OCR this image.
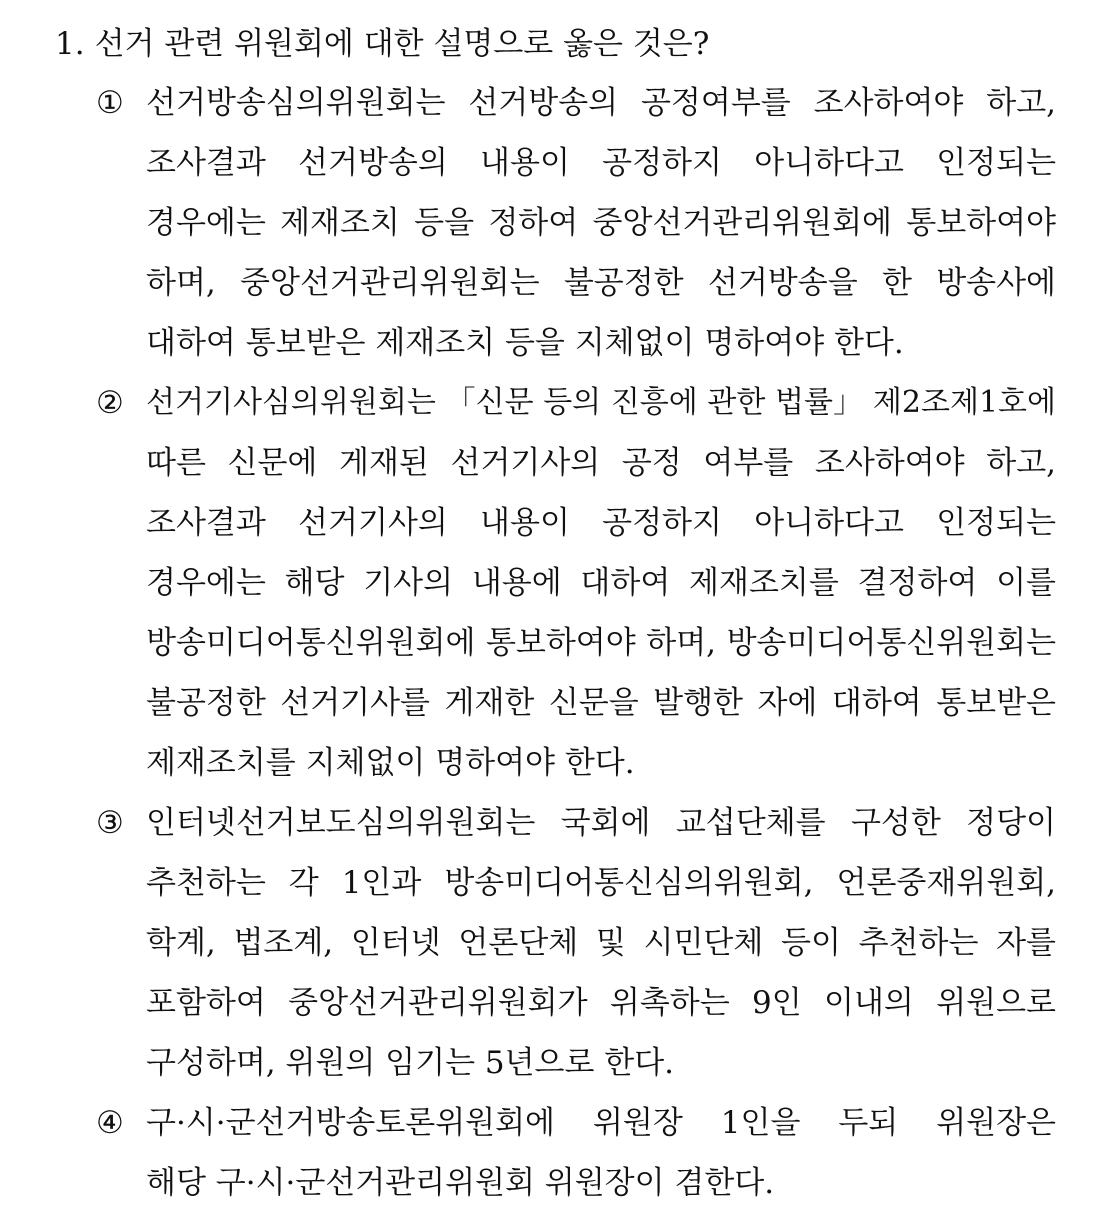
1. 선거 관련 위원회에 대한 설명으로 옳은 것은?
① 선거방송심의위원회는 선거방송의 공정여부를 조사하여야 하고,
조사결과 선거방송의 내용이 공정하지 아니하다고 인정되는
경우에는 제재조치 등을 정하여 중앙선거관리위원회에 통보하여야
하며, 중앙선거관리위원회는 불공정한 선거방송을 한 방송사에
대하여 통보받은 제재조치 등을 지체없이 명하여야 한다.
② 선거기사심의위원회는 「신문 등의 진흥에 관한 법률」 제2조제1호에
따른 신문에 게재된 선거기사의 공정 여부를 조사하여야 하고,
조사결과 선거기사의 내용이 공정하지 아니하다고 인정되는
경우에는 해당 기사의 내용에 대하여 제재조치를 결정하여 이를
방송미디어통신위원회에 통보하여야 하며, 방송미디어통신위원회는
불공정한 선거기사를 게재한 신문을 발행한 자에 대하여 통보받은
제재조치를 지체없이 명하여야 한다.
③ 인터넷선거보도심의위원회는 국회에 교섭단체를 구성한 정당이
추천하는 각 1인과 방송미디어통신심의위원회, 언론중재위원회,
학계, 법조계, 인터넷 언론단체 및 시민단체 등이 추천하는 자를
포함하여 중앙선거관리위원회가 위촉하는 9인 이내의 위원으로
구성하며, 위원의 임기는 5년으로 한다.
④ 구·시·군선거방송토론위원회에 위원장 1인을 두되 위원장은
해당 구·시·군선거관리위원회 위원장이 겸한다.
